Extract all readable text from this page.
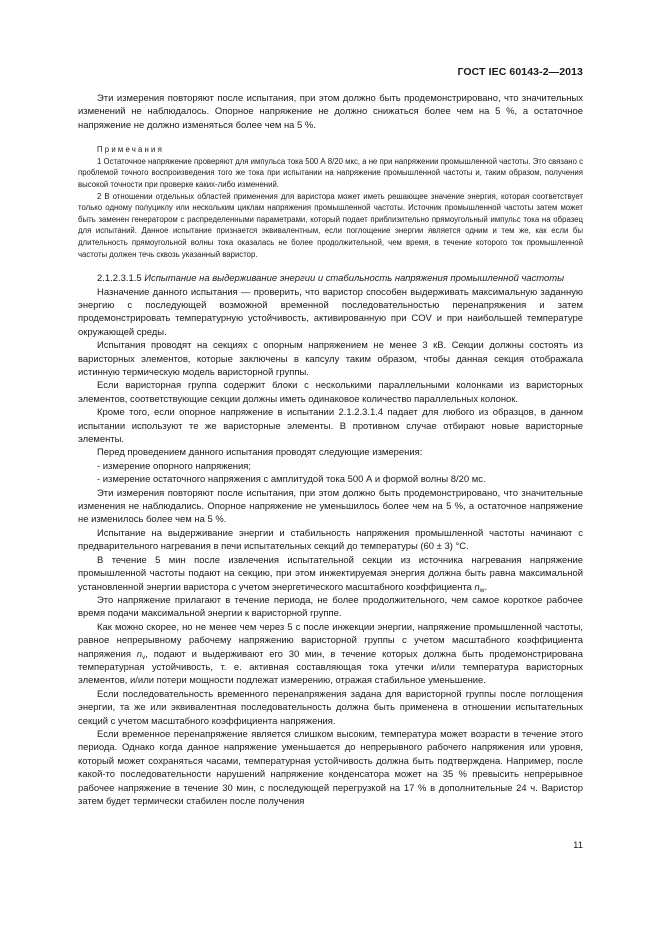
ГОСТ IEC 60143-2—2013

Эти измерения повторяют после испытания, при этом должно быть продемонстрировано, что значительных изменений не наблюдалось. Опорное напряжение не должно снижаться более чем на 5 %, а остаточное напряжение не должно изменяться более чем на 5 %.

Примечания

1 Остаточное напряжение проверяют для импульса тока 500 А 8/20 мкс, а не при напряжении промышленной частоты. Это связано с проблемой точного воспроизведения того же тока при испытании на напряжение промышленной частоты и, таким образом, получения высокой точности при проверке каких-либо изменений.

2 В отношении отдельных областей применения для варистора может иметь решающее значение энергия, которая соответствует только одному полуциклу или нескольким циклам напряжения промышленной частоты. Источник промышленной частоты затем может быть заменен генератором с распределенными параметрами, который подает приблизительно прямоугольный импульс тока на образец для испытаний. Данное испытание признается эквивалентным, если поглощение энергии является одним и тем же, как если бы длительность прямоугольной волны тока оказалась не более продолжительной, чем время, в течение которого ток промышленной частоты должен течь сквозь указанный варистор.

2.1.2.3.1.5 Испытание на выдерживание энергии и стабильность напряжения промышленной частоты

Назначение данного испытания — проверить, что варистор способен выдерживать максимальную заданную энергию с последующей возможной временной последовательностью перенапряжения и затем продемонстрировать температурную устойчивость, активированную при COV и при наибольшей температуре окружающей среды.

Испытания проводят на секциях с опорным напряжением не менее 3 кВ. Секции должны состоять из варисторных элементов, которые заключены в капсулу таким образом, чтобы данная секция отображала истинную термическую модель варисторной группы.

Если варисторная группа содержит блоки с несколькими параллельными колонками из варисторных элементов, соответствующие секции должны иметь одинаковое количество параллельных колонок.

Кроме того, если опорное напряжение в испытании 2.1.2.3.1.4 падает для любого из образцов, в данном испытании используют те же варисторные элементы. В противном случае отбирают новые варисторные элементы.

Перед проведением данного испытания проводят следующие измерения:

- измерение опорного напряжения;

- измерение остаточного напряжения с амплитудой тока 500 А и формой волны 8/20 мс.

Эти измерения повторяют после испытания, при этом должно быть продемонстрировано, что значительные изменения не наблюдались. Опорное напряжение не уменьшилось более чем на 5 %, а остаточное напряжение не изменилось более чем на 5 %.

Испытание на выдерживание энергии и стабильность напряжения промышленной частоты начинают с предварительного нагревания в печи испытательных секций до температуры (60 ± 3) °С.

В течение 5 мин после извлечения испытательной секции из источника нагревания напряжение промышленной частоты подают на секцию, при этом инжектируемая энергия должна быть равна максимальной установленной энергии варистора с учетом энергетического масштабного коэффициента $n_w$.

Это напряжение прилагают в течение периода, не более продолжительного, чем самое короткое рабочее время подачи максимальной энергии к варисторной группе.

Как можно скорее, но не менее чем через 5 с после инжекции энергии, напряжение промышленной частоты, равное непрерывному рабочему напряжению варисторной группы с учетом масштабного коэффициента напряжения $n_v$, подают и выдерживают его 30 мин, в течение которых должна быть продемонстрирована температурная устойчивость, т. е. активная составляющая тока утечки и/или температура варисторных элементов, и/или потери мощности подлежат измерению, отражая стабильное уменьшение.

Если последовательность временного перенапряжения задана для варисторной группы после поглощения энергии, та же или эквивалентная последовательность должна быть применена в отношении испытательных секций с учетом масштабного коэффициента напряжения.

Если временное перенапряжение является слишком высоким, температура может возрасти в течение этого периода. Однако когда данное напряжение уменьшается до непрерывного рабочего напряжения или уровня, который может сохраняться часами, температурная устойчивость должна быть подтверждена. Например, после какой-то последовательности нарушений напряжение конденсатора может на 35 % превысить непрерывное рабочее напряжение в течение 30 мин, с последующей перегрузкой на 17 % в дополнительные 24 ч. Варистор затем будет термически стабилен после получения

11
